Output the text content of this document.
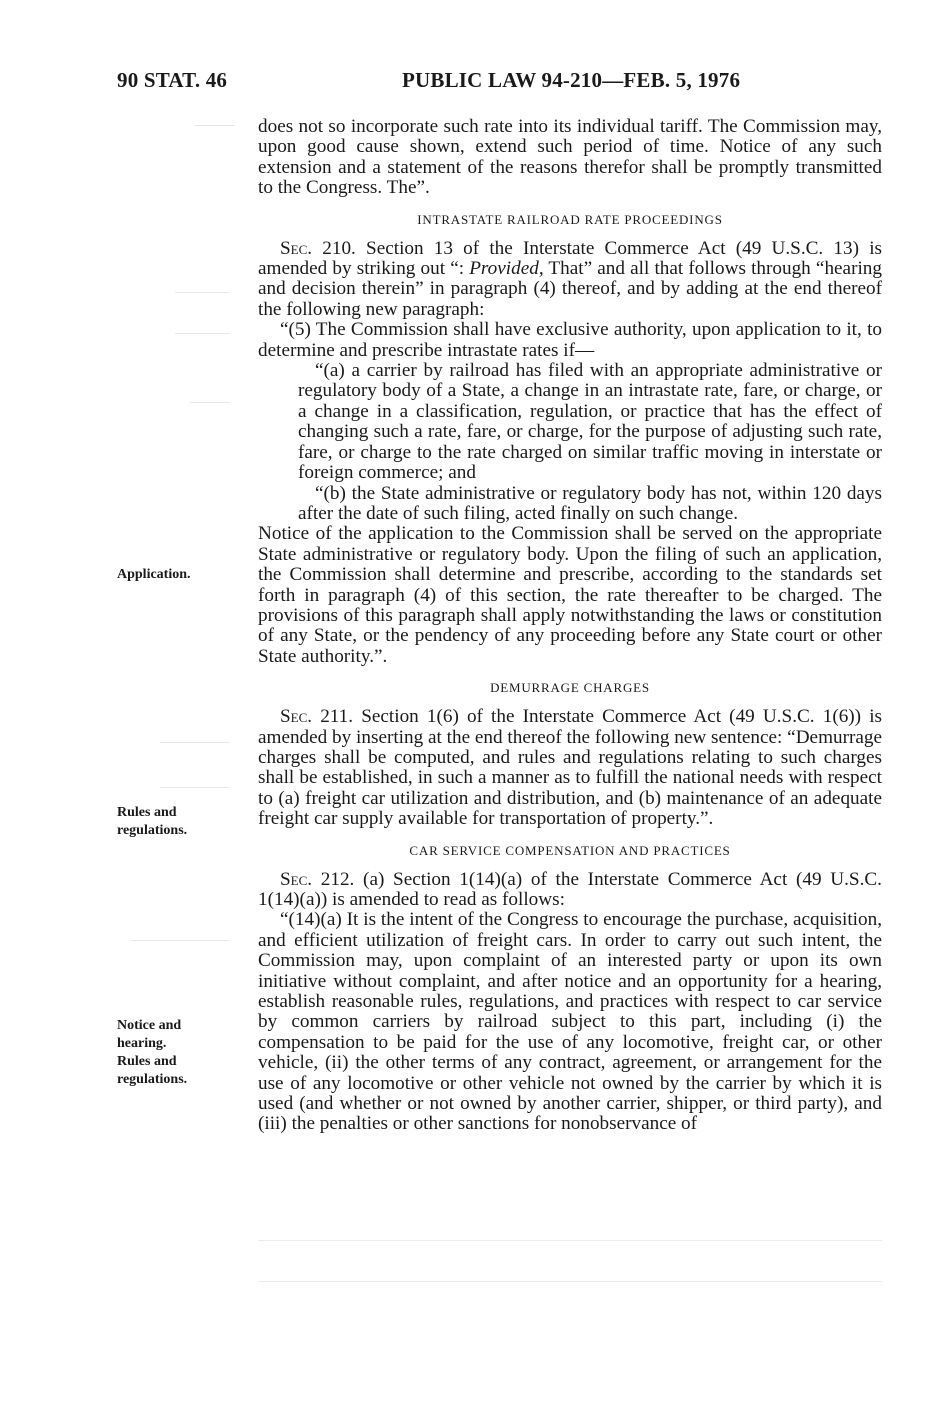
90 STAT. 46	PUBLIC LAW 94-210—FEB. 5, 1976
Application.
Rules and regulations.
Notice and hearing.
Rules and regulations.

does not so incorporate such rate into its individual tariff. The Commission may, upon good cause shown, extend such period of time. Notice of any such extension and a statement of the reasons therefor shall be promptly transmitted to the Congress. The”.

INTRASTATE RAILROAD RATE PROCEEDINGS

Sec. 210. Section 13 of the Interstate Commerce Act (49 U.S.C. 13) is amended by striking out “: Provided, That” and all that follows through “hearing and decision therein” in paragraph (4) thereof, and by adding at the end thereof the following new paragraph:

“(5) The Commission shall have exclusive authority, upon application to it, to determine and prescribe intrastate rates if—

“(a) a carrier by railroad has filed with an appropriate administrative or regulatory body of a State, a change in an intrastate rate, fare, or charge, or a change in a classification, regulation, or practice that has the effect of changing such a rate, fare, or charge, for the purpose of adjusting such rate, fare, or charge to the rate charged on similar traffic moving in interstate or foreign commerce; and

“(b) the State administrative or regulatory body has not, within 120 days after the date of such filing, acted finally on such change.

Notice of the application to the Commission shall be served on the appropriate State administrative or regulatory body. Upon the filing of such an application, the Commission shall determine and prescribe, according to the standards set forth in paragraph (4) of this section, the rate thereafter to be charged. The provisions of this paragraph shall apply notwithstanding the laws or constitution of any State, or the pendency of any proceeding before any State court or other State authority.”.

DEMURRAGE CHARGES

Sec. 211. Section 1(6) of the Interstate Commerce Act (49 U.S.C. 1(6)) is amended by inserting at the end thereof the following new sentence: “Demurrage charges shall be computed, and rules and regulations relating to such charges shall be established, in such a manner as to fulfill the national needs with respect to (a) freight car utilization and distribution, and (b) maintenance of an adequate freight car supply available for transportation of property.”.

CAR SERVICE COMPENSATION AND PRACTICES

Sec. 212. (a) Section 1(14)(a) of the Interstate Commerce Act (49 U.S.C. 1(14)(a)) is amended to read as follows:

“(14)(a) It is the intent of the Congress to encourage the purchase, acquisition, and efficient utilization of freight cars. In order to carry out such intent, the Commission may, upon complaint of an interested party or upon its own initiative without complaint, and after notice and an opportunity for a hearing, establish reasonable rules, regulations, and practices with respect to car service by common carriers by railroad subject to this part, including (i) the compensation to be paid for the use of any locomotive, freight car, or other vehicle, (ii) the other terms of any contract, agreement, or arrangement for the use of any locomotive or other vehicle not owned by the carrier by which it is used (and whether or not owned by another carrier, shipper, or third party), and (iii) the penalties or other sanctions for nonobservance of
